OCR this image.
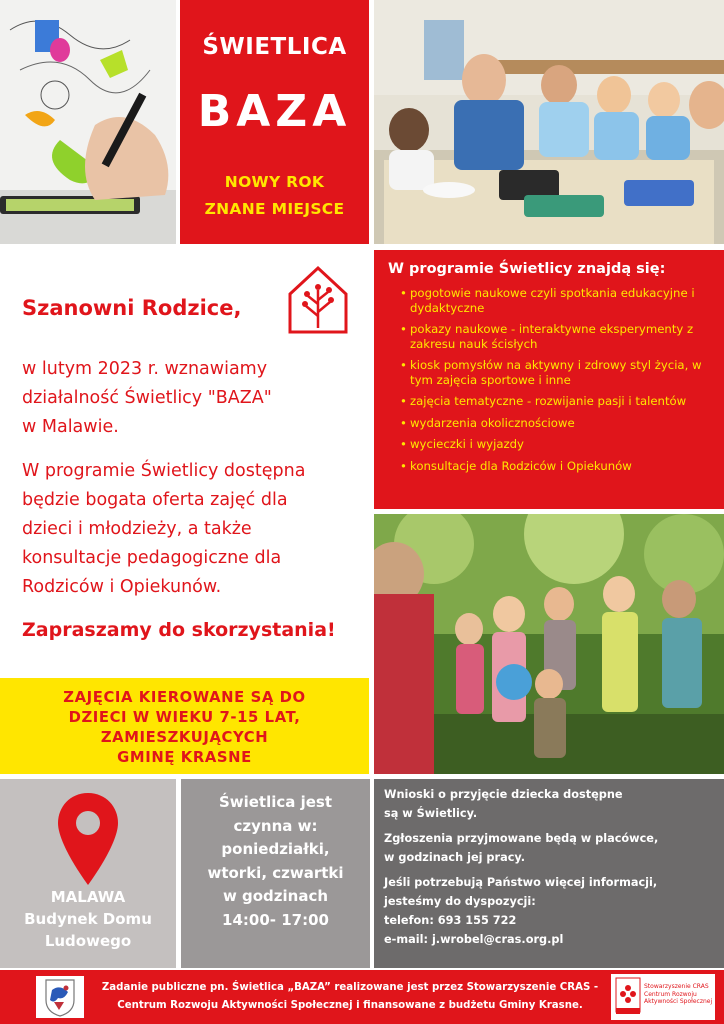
ŚWIETLICA
BAZA
NOWY ROK
ZNANE MIEJSCE
Szanowni Rodzice,
w lutym 2023 r. wznawiamy
działalność Świetlicy "BAZA"
w Malawie.
W programie Świetlicy dostępna
będzie bogata oferta zajęć dla
dzieci i młodzieży, a także
konsultacje pedagogiczne dla
Rodziców i Opiekunów.
Zapraszamy do skorzystania!
W programie Świetlicy znajdą się:
• pogotowie naukowe czyli spotkania edukacyjne i dydaktyczne
• pokazy naukowe - interaktywne eksperymenty z zakresu nauk ścisłych
• kiosk pomysłów na aktywny i zdrowy styl życia, w tym zajęcia sportowe i inne
• zajęcia tematyczne - rozwijanie pasji i talentów
• wydarzenia okolicznościowe
• wycieczki i wyjazdy
• konsultacje dla Rodziców i Opiekunów
ZAJĘCIA KIEROWANE SĄ DO
DZIECI W WIEKU 7-15 LAT,
ZAMIESZKUJĄCYCH
GMINĘ KRASNE
MALAWA
Budynek Domu
Ludowego
Świetlica jest
czynna w:
poniedziałki,
wtorki, czwartki
w godzinach
14:00- 17:00
Wnioski o przyjęcie dziecka dostępne
są w Świetlicy.
Zgłoszenia przyjmowane będą w placówce,
w godzinach jej pracy.
Jeśli potrzebują Państwo więcej informacji,
jesteśmy do dyspozycji:
telefon: 693 155 722
e-mail: j.wrobel@cras.org.pl
Zadanie publiczne pn. Świetlica „BAZA” realizowane jest przez Stowarzyszenie CRAS -
Centrum Rozwoju Aktywności Społecznej i finansowane z budżetu Gminy Krasne.
Stowarzyszenie CRAS
Centrum Rozwoju
Aktywności Społecznej
